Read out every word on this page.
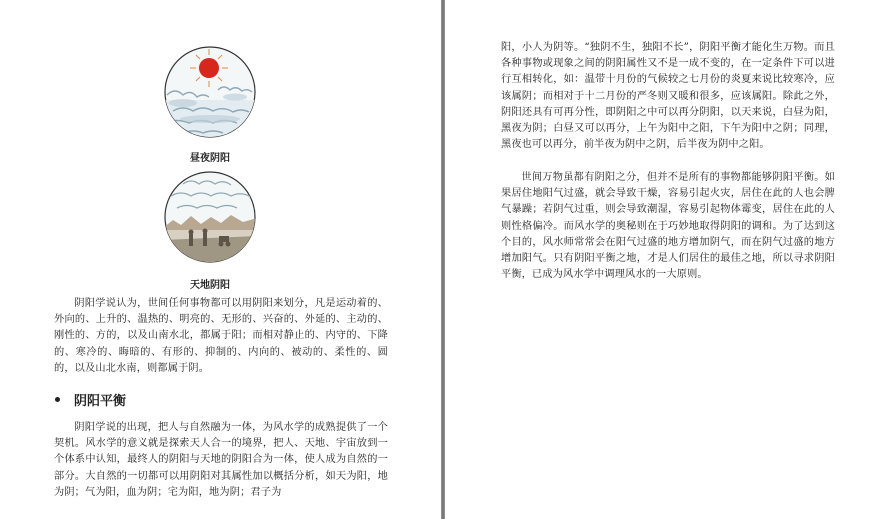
昼夜阴阳
天地阴阳
阴阳学说认为，世间任何事物都可以用阴阳来划分，凡是运动着的、外向的、上升的、温热的、明亮的、无形的、兴奋的、外延的、主动的、刚性的、方的，以及山南水北，都属于阳；而相对静止的、内守的、下降的、寒冷的、晦暗的、有形的、抑制的、内向的、被动的、柔性的、圆的，以及山北水南，则都属于阴。
阴阳平衡
阴阳学说的出现，把人与自然融为一体，为风水学的成熟提供了一个契机。风水学的意义就是探索天人合一的境界，把人、天地、宇宙放到一个体系中认知，最终人的阴阳与天地的阴阳合为一体，使人成为自然的一部分。大自然的一切都可以用阴阳对其属性加以概括分析，如天为阳，地为阴；气为阳，血为阴；宅为阳，地为阴；君子为
阳，小人为阴等。“独阴不生，独阳不长”，阴阳平衡才能化生万物。而且各种事物或现象之间的阴阳属性又不是一成不变的，在一定条件下可以进行互相转化，如：温带十月份的气候较之七月份的炎夏来说比较寒冷，应该属阴；而相对于十二月份的严冬则又暖和很多，应该属阳。除此之外，阴阳还具有可再分性，即阴阳之中可以再分阴阳，以天来说，白昼为阳，黑夜为阴；白昼又可以再分，上午为阳中之阳，下午为阳中之阴；同理，黑夜也可以再分，前半夜为阴中之阴，后半夜为阴中之阳。
世间万物虽都有阴阳之分，但并不是所有的事物都能够阴阳平衡。如果居住地阳气过盛，就会导致干燥，容易引起火灾，居住在此的人也会脾气暴躁；若阴气过重，则会导致潮湿，容易引起物体霉变，居住在此的人则性格偏冷。而风水学的奥秘则在于巧妙地取得阴阳的调和。为了达到这个目的，风水师常常会在阳气过盛的地方增加阴气，而在阴气过盛的地方增加阳气。只有阴阳平衡之地，才是人们居住的最佳之地，所以寻求阴阳平衡，已成为风水学中调理风水的一大原则。
